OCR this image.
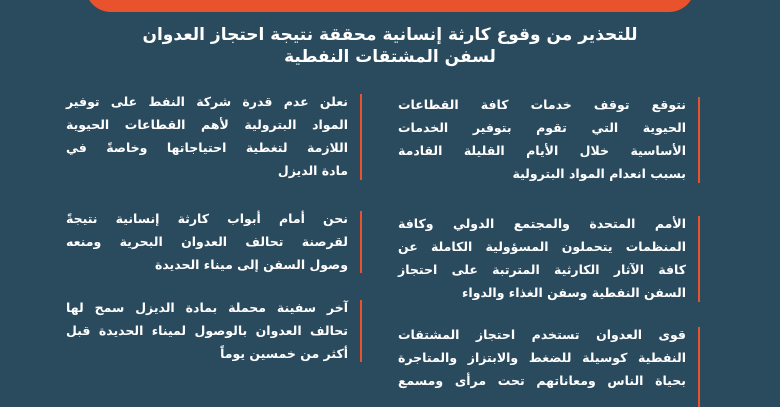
للتحذير من وقوع كارثة إنسانية محققة نتيجة احتجاز العدوان
لسفن المشتقات النفطية
نتوقع توقف خدمات كافة القطاعات
الحيوية التي تقوم بتوفير الخدمات
الأساسية خلال الأيام القليلة القادمة
بسبب انعدام المواد البترولية
الأمم المتحدة والمجتمع الدولي وكافة
المنظمات يتحملون المسؤولية الكاملة عن
كافة الآثار الكارثية المترتبة على احتجاز
السفن النفطية وسفن الغذاء والدواء
قوى العدوان تستخدم احتجاز المشتقات
النفطية كوسيلة للضغط والابتزاز والمتاجرة
بحياة الناس ومعاناتهم تحت مرأى ومسمع
نعلن عدم قدرة شركة النفط على توفير
المواد البترولية لأهم القطاعات الحيوية
اللازمة لتغطية احتياجاتها وخاصةً في
مادة الديزل
نحن أمام أبواب كارثة إنسانية نتيجةً
لقرصنة تحالف العدوان البحرية ومنعه
وصول السفن إلى ميناء الحديدة
آخر سفينة محملة بمادة الديزل سمح لها
تحالف العدوان بالوصول لميناء الحديدة قبل
أكثر من خمسين يوماً
